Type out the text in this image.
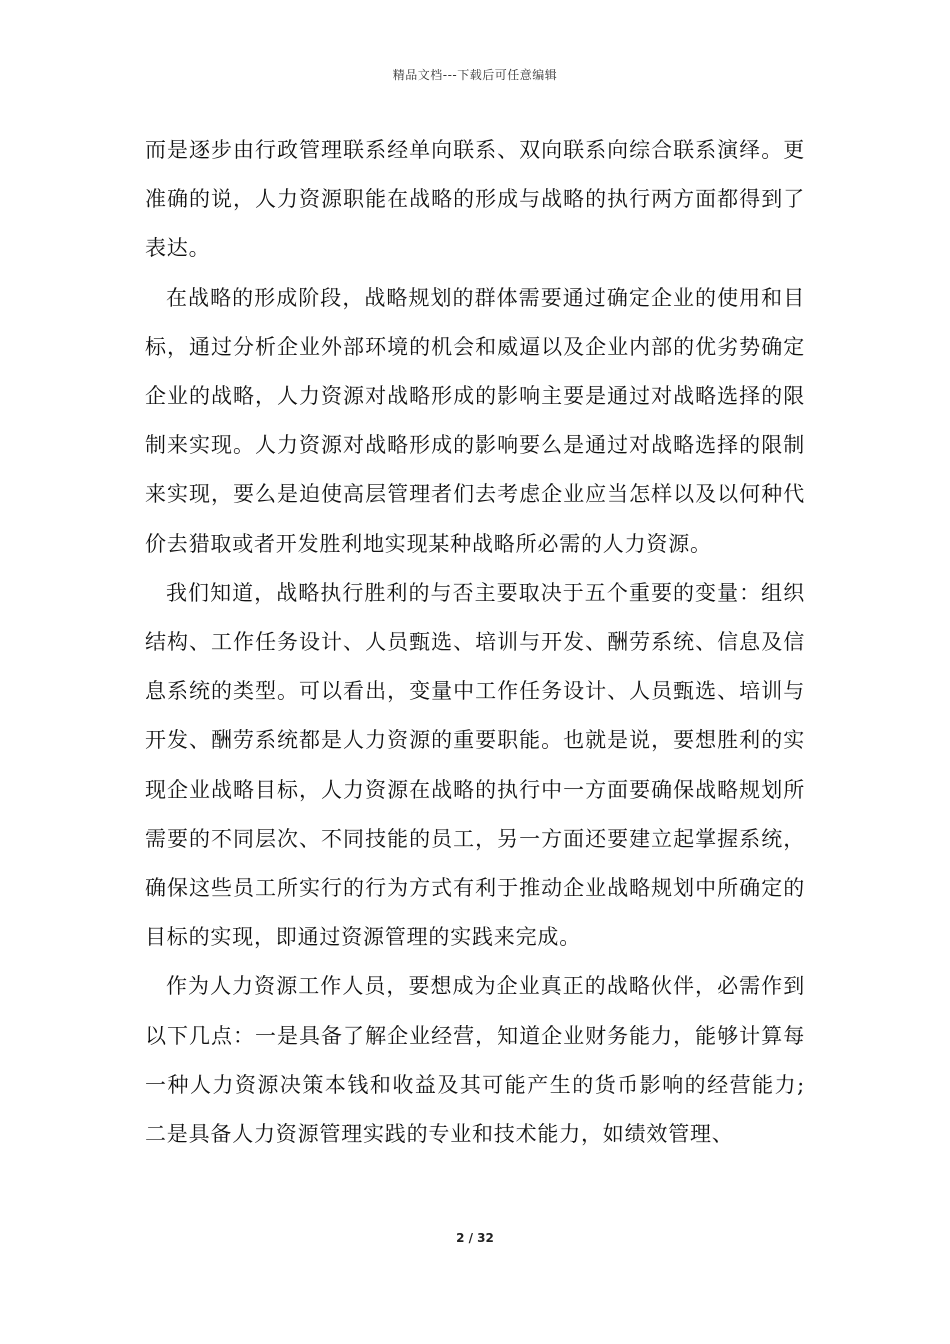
精品文档---下载后可任意编辑

而是逐步由行政管理联系经单向联系、双向联系向综合联系演绎。更准确的说，人力资源职能在战略的形成与战略的执行两方面都得到了表达。

在战略的形成阶段，战略规划的群体需要通过确定企业的使用和目标，通过分析企业外部环境的机会和威逼以及企业内部的优劣势确定企业的战略，人力资源对战略形成的影响主要是通过对战略选择的限制来实现。人力资源对战略形成的影响要么是通过对战略选择的限制来实现，要么是迫使高层管理者们去考虑企业应当怎样以及以何种代价去猎取或者开发胜利地实现某种战略所必需的人力资源。

我们知道，战略执行胜利的与否主要取决于五个重要的变量：组织结构、工作任务设计、人员甄选、培训与开发、酬劳系统、信息及信息系统的类型。可以看出，变量中工作任务设计、人员甄选、培训与开发、酬劳系统都是人力资源的重要职能。也就是说，要想胜利的实现企业战略目标，人力资源在战略的执行中一方面要确保战略规划所需要的不同层次、不同技能的员工，另一方面还要建立起掌握系统，确保这些员工所实行的行为方式有利于推动企业战略规划中所确定的目标的实现，即通过资源管理的实践来完成。

作为人力资源工作人员，要想成为企业真正的战略伙伴，必需作到以下几点：一是具备了解企业经营，知道企业财务能力，能够计算每一种人力资源决策本钱和收益及其可能产生的货币影响的经营能力;二是具备人力资源管理实践的专业和技术能力，如绩效管理、

2 / 32
